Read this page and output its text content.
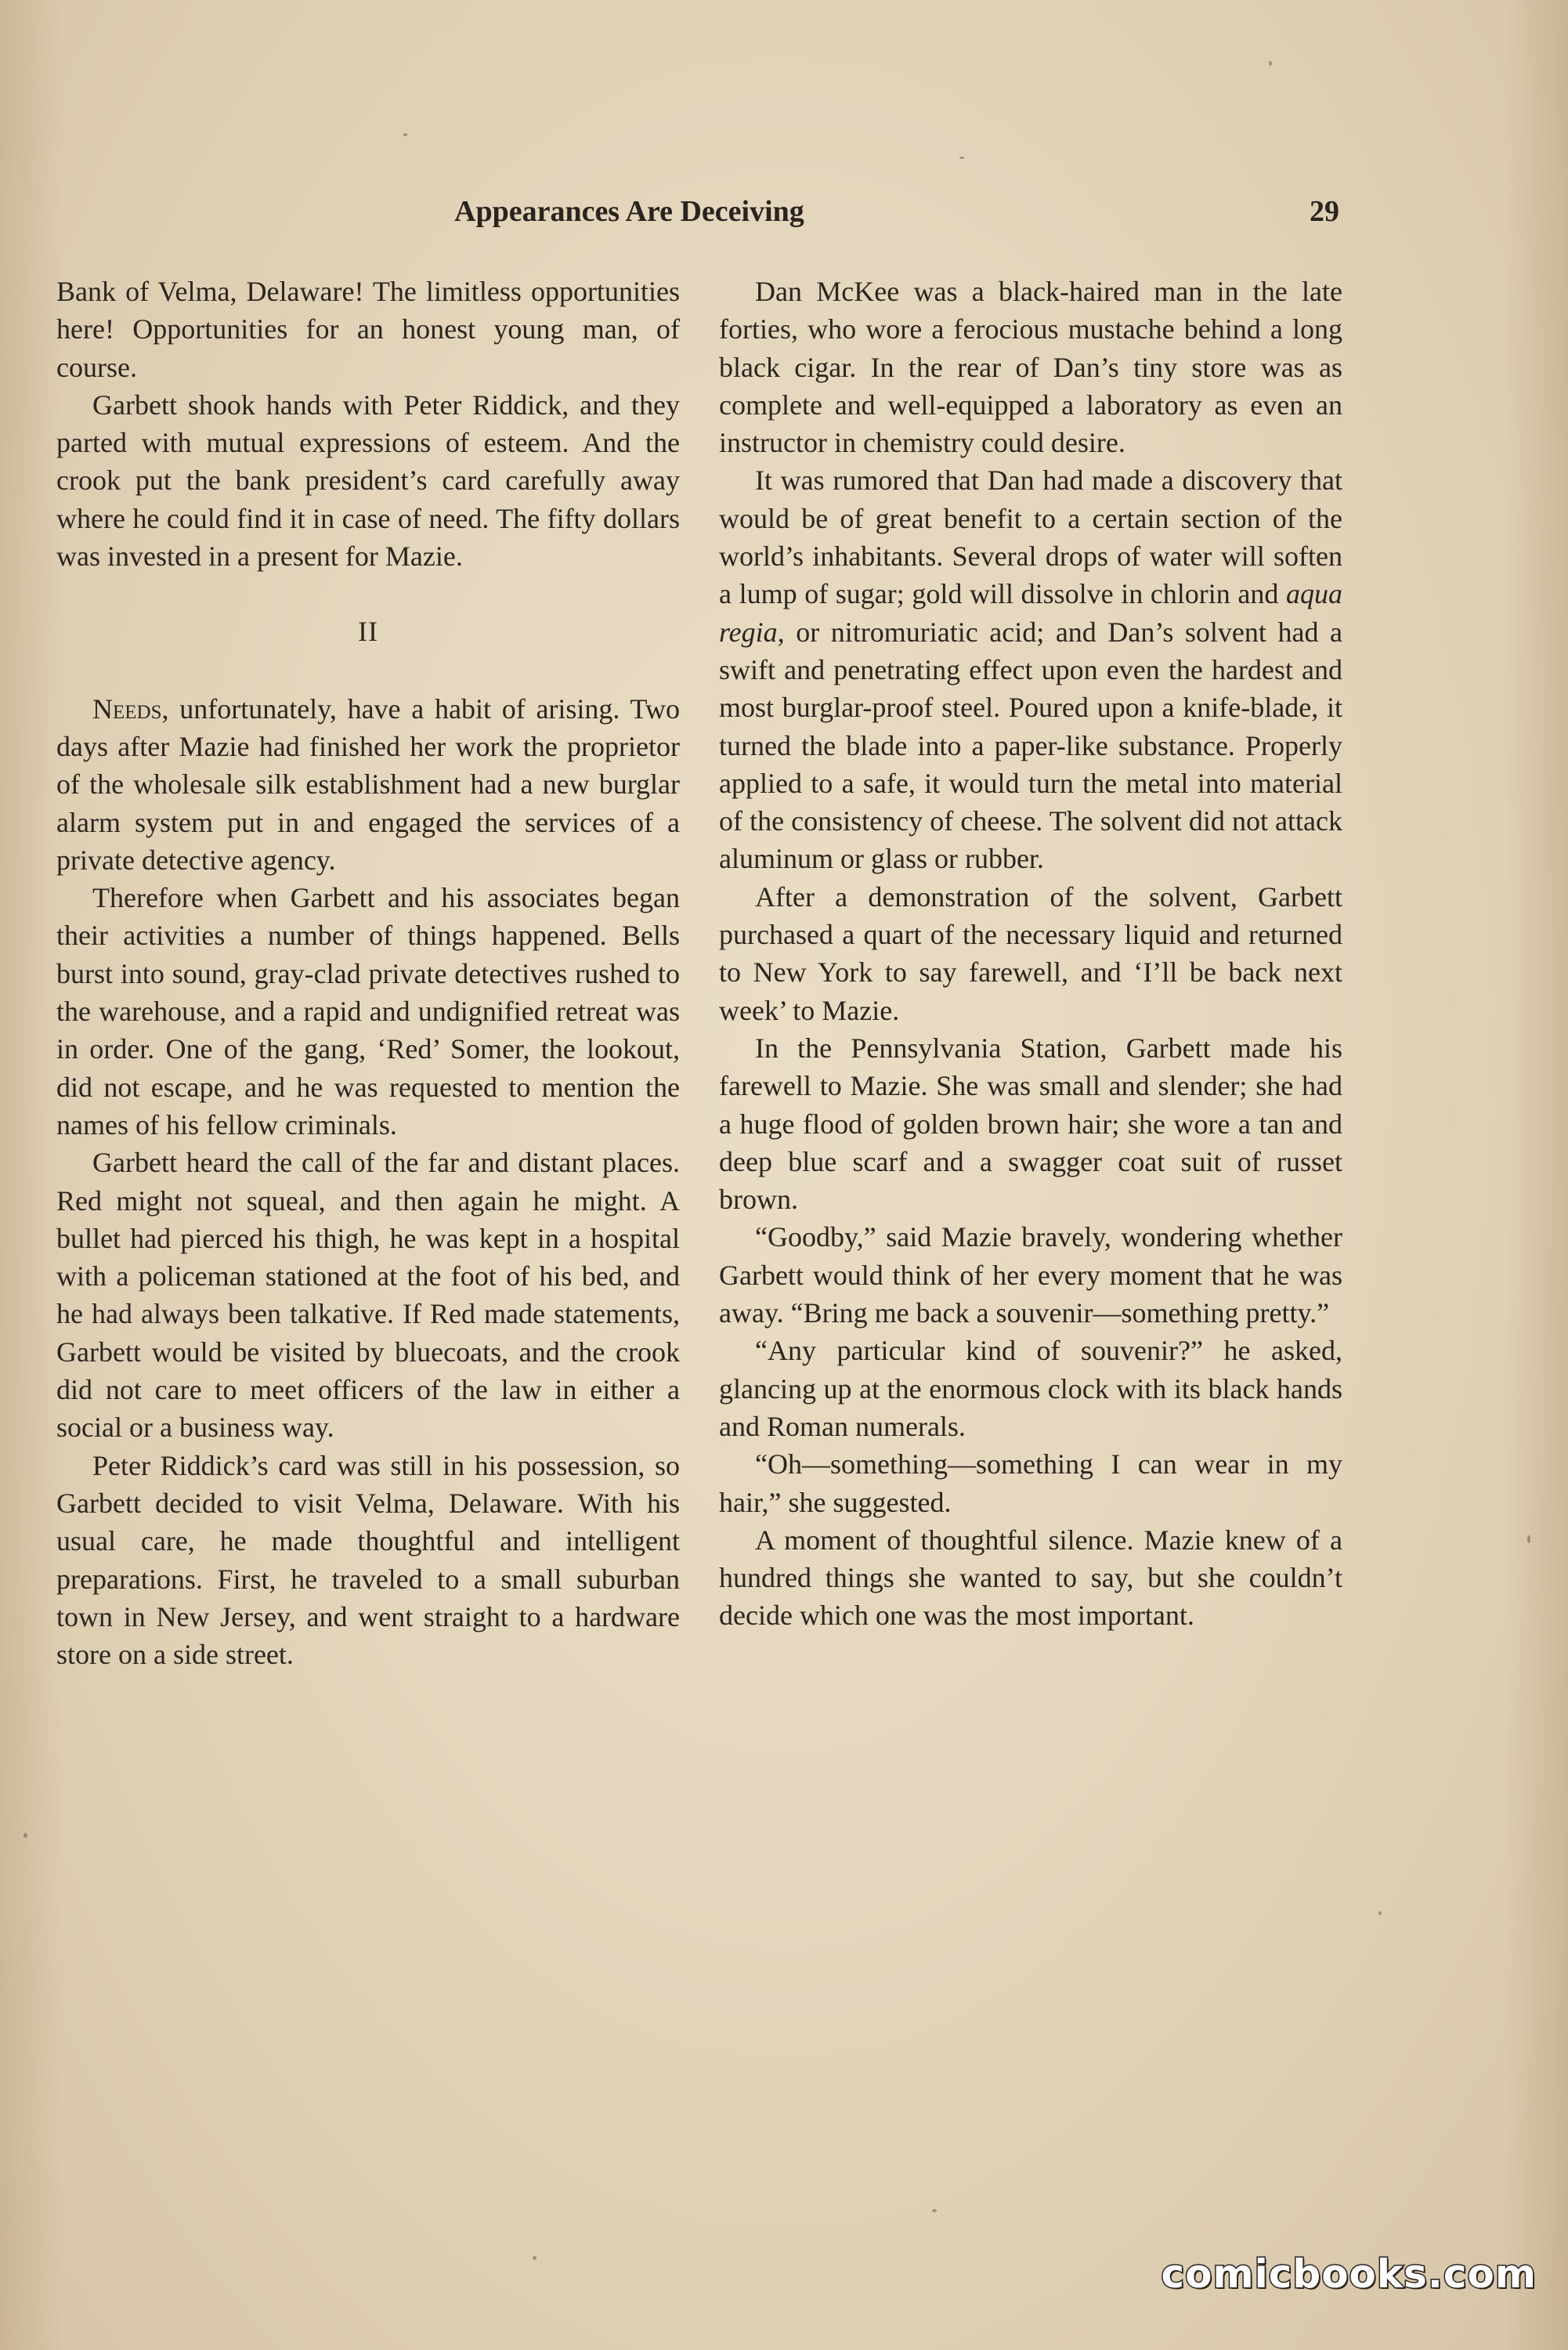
Appearances Are Deceiving	29

Bank of Velma, Delaware! The limitless opportunities here! Opportunities for an honest young man, of course.

Garbett shook hands with Peter Riddick, and they parted with mutual expressions of esteem. And the crook put the bank president’s card carefully away where he could find it in case of need. The fifty dollars was invested in a present for Mazie.

II

Needs, unfortunately, have a habit of arising. Two days after Mazie had finished her work the proprietor of the wholesale silk establishment had a new burglar alarm system put in and engaged the services of a private detective agency.

Therefore when Garbett and his associates began their activities a number of things happened. Bells burst into sound, gray-clad private detectives rushed to the warehouse, and a rapid and undignified retreat was in order. One of the gang, ‘Red’ Somer, the lookout, did not escape, and he was requested to mention the names of his fellow criminals.

Garbett heard the call of the far and distant places. Red might not squeal, and then again he might. A bullet had pierced his thigh, he was kept in a hospital with a policeman stationed at the foot of his bed, and he had always been talkative. If Red made statements, Garbett would be visited by bluecoats, and the crook did not care to meet officers of the law in either a social or a business way.

Peter Riddick’s card was still in his possession, so Garbett decided to visit Velma, Delaware. With his usual care, he made thoughtful and intelligent preparations. First, he traveled to a small suburban town in New Jersey, and went straight to a hardware store on a side street.

Dan McKee was a black-haired man in the late forties, who wore a ferocious mustache behind a long black cigar. In the rear of Dan’s tiny store was as complete and well-equipped a laboratory as even an instructor in chemistry could desire.

It was rumored that Dan had made a discovery that would be of great benefit to a certain section of the world’s inhabitants. Several drops of water will soften a lump of sugar; gold will dissolve in chlorin and aqua regia, or nitromuriatic acid; and Dan’s solvent had a swift and penetrating effect upon even the hardest and most burglar-proof steel. Poured upon a knife-blade, it turned the blade into a paper-like substance. Properly applied to a safe, it would turn the metal into material of the consistency of cheese. The solvent did not attack aluminum or glass or rubber.

After a demonstration of the solvent, Garbett purchased a quart of the necessary liquid and returned to New York to say farewell, and ‘I’ll be back next week’ to Mazie.

In the Pennsylvania Station, Garbett made his farewell to Mazie. She was small and slender; she had a huge flood of golden brown hair; she wore a tan and deep blue scarf and a swagger coat suit of russet brown.

“Goodby,” said Mazie bravely, wondering whether Garbett would think of her every moment that he was away. “Bring me back a souvenir—something pretty.”

“Any particular kind of souvenir?” he asked, glancing up at the enormous clock with its black hands and Roman numerals.

“Oh—something—something I can wear in my hair,” she suggested.

A moment of thoughtful silence. Mazie knew of a hundred things she wanted to say, but she couldn’t decide which one was the most important.

comicbooks.com
